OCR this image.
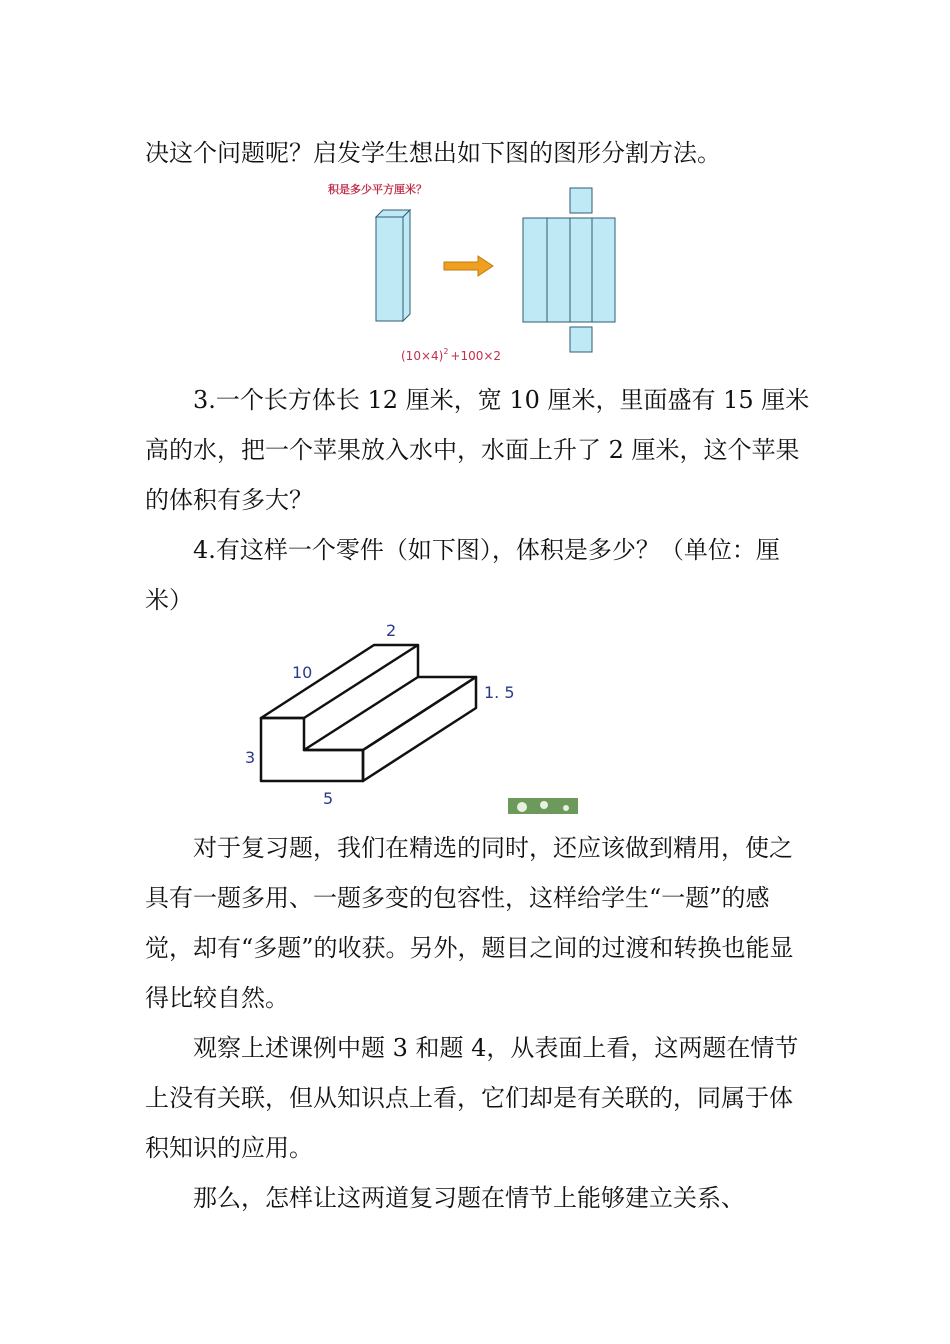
决这个问题呢？启发学生想出如下图的图形分割方法。

积是多少平方厘米？
$(10\times 4)^2 +100\times 2$

3.一个长方体长 12 厘米，宽 10 厘米，里面盛有 15 厘米高的水，把一个苹果放入水中，水面上升了 2 厘米，这个苹果的体积有多大？

4.有这样一个零件（如下图），体积是多少？（单位：厘米）

2
10
1. 5
3
5

对于复习题，我们在精选的同时，还应该做到精用，使之具有一题多用、一题多变的包容性，这样给学生“一题”的感觉，却有“多题”的收获。另外，题目之间的过渡和转换也能显得比较自然。

观察上述课例中题 3 和题 4，从表面上看，这两题在情节上没有关联，但从知识点上看，它们却是有关联的，同属于体积知识的应用。

那么，怎样让这两道复习题在情节上能够建立关系、
